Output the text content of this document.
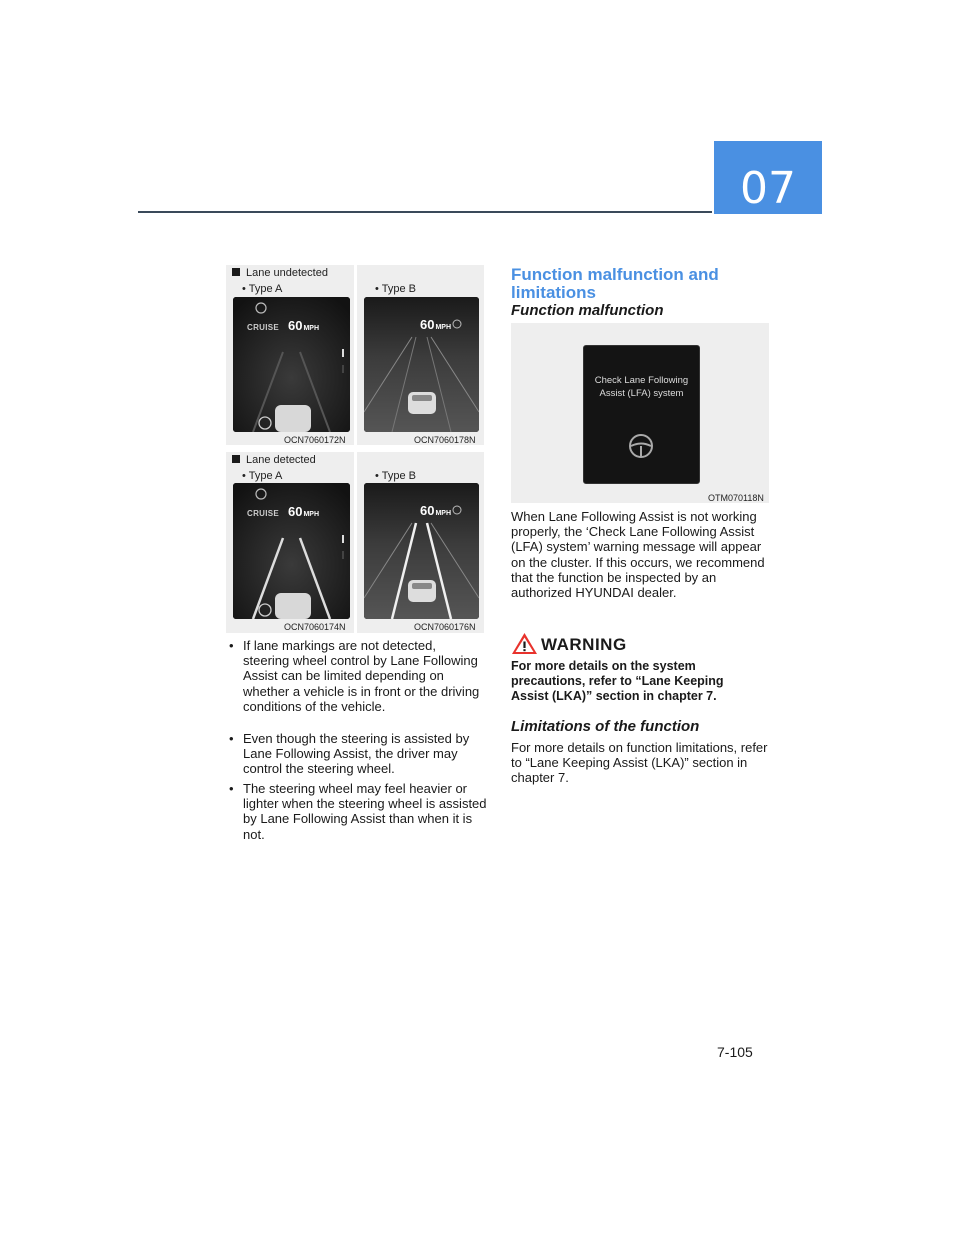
07
Lane undetected
• Type A	• Type B
CRUISE 60MPH	60MPH
OCN7060172N	OCN7060178N
Lane detected
• Type A	• Type B
CRUISE 60MPH	60MPH
OCN7060174N	OCN7060176N
• If lane markings are not detected, steering wheel control by Lane Following Assist can be limited depending on whether a vehicle is in front or the driving conditions of the vehicle.
• Even though the steering is assisted by Lane Following Assist, the driver may control the steering wheel.
• The steering wheel may feel heavier or lighter when the steering wheel is assisted by Lane Following Assist than when it is not.
Function malfunction and
limitations
Function malfunction
Check Lane Following
Assist (LFA) system
OTM070118N
When Lane Following Assist is not working properly, the ‘Check Lane Following Assist (LFA) system’ warning message will appear on the cluster. If this occurs, we recommend that the function be inspected by an authorized HYUNDAI dealer.
WARNING
For more details on the system precautions, refer to “Lane Keeping Assist (LKA)” section in chapter 7.
Limitations of the function
For more details on function limitations, refer to “Lane Keeping Assist (LKA)” section in chapter 7.
7-105
